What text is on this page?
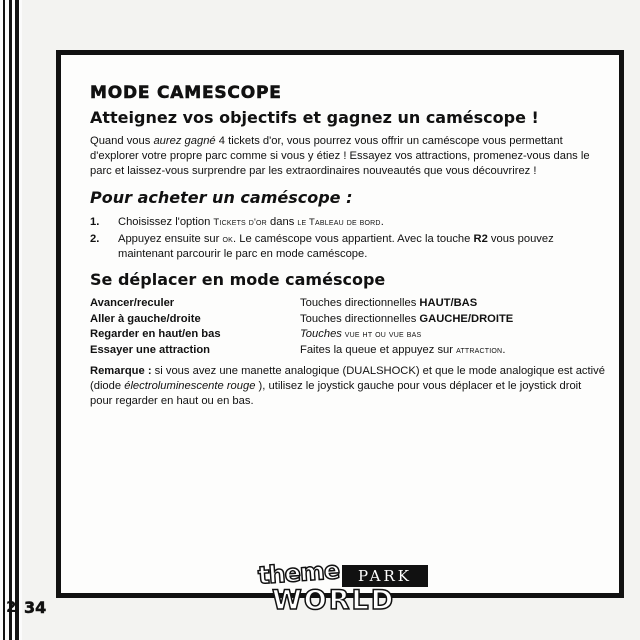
MODE CAMESCOPE
Atteignez vos objectifs et gagnez un caméscope !

Quand vous aurez gagné 4 tickets d'or, vous pourrez vous offrir un caméscope vous permettant d'explorer votre propre parc comme si vous y étiez ! Essayez vos attractions, promenez-vous dans le parc et laissez-vous surprendre par les extraordinaires nouveautés que vous découvrirez !

Pour acheter un caméscope :
1.	Choisissez l'option Tickets d'or dans le Tableau de bord.
2.	Appuyez ensuite sur ok. Le caméscope vous appartient. Avec la touche R2 vous pouvez maintenant parcourir le parc en mode caméscope.
Se déplacer en mode caméscope
Avancer/reculer	Touches directionnelles HAUT/BAS
Aller à gauche/droite	Touches directionnelles GAUCHE/DROITE
Regarder en haut/en bas	Touches vue ht ou vue bas
Essayer une attraction	Faites la queue et appuyez sur attraction.

Remarque : si vous avez une manette analogique (DUALSHOCK) et que le mode analogique est activé (diode électroluminescente rouge ), utilisez le joystick gauche pour vous déplacer et le joystick droit pour regarder en haut ou en bas.

theme	PARK
WORLD
2 34
